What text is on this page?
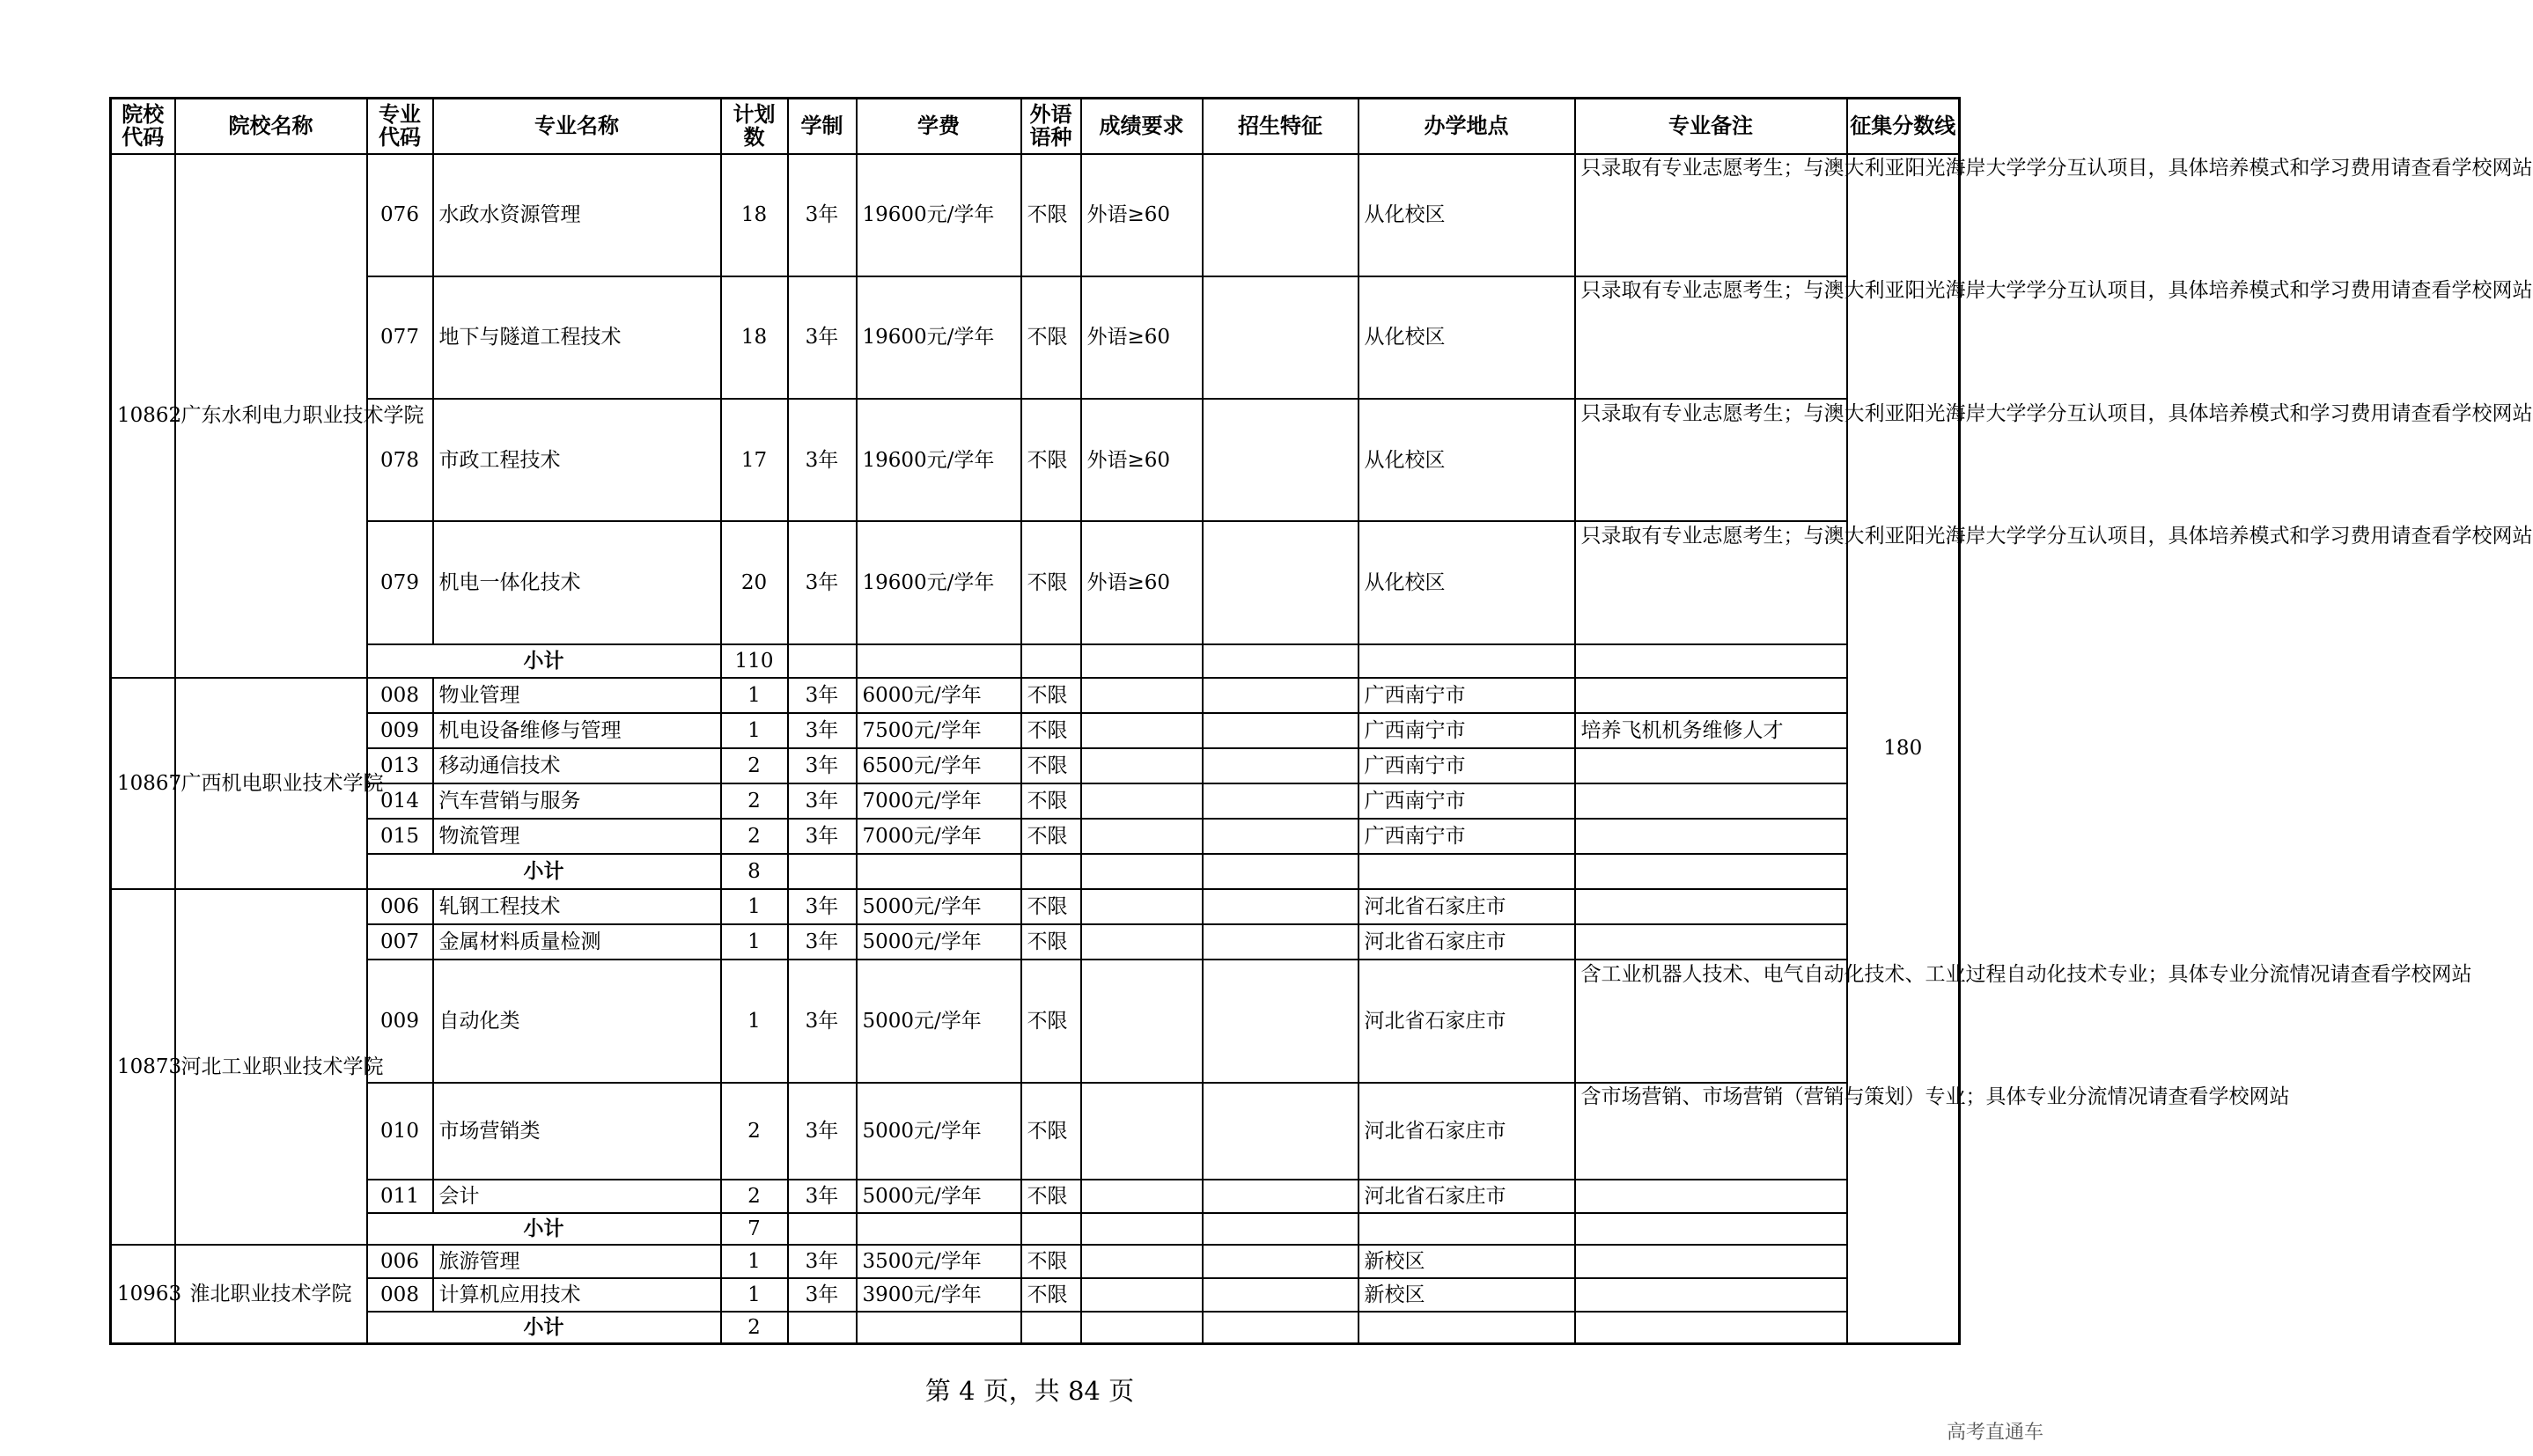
院校代码	院校名称	专业代码	专业名称	计划数	学制	学费	外语语种	成绩要求	招生特征	办学地点	专业备注	征集分数线
10862	广东水利电力职业技术学院	076	水政水资源管理	18	3年	19600元/学年	不限	外语≥60		从化校区	只录取有专业志愿考生；与澳大利亚阳光海岸大学学分互认项目，具体培养模式和学习费用请查看学校网站	180
		077	地下与隧道工程技术	18	3年	19600元/学年	不限	外语≥60		从化校区	只录取有专业志愿考生；与澳大利亚阳光海岸大学学分互认项目，具体培养模式和学习费用请查看学校网站	

		078	市政工程技术	17	3年	19600元/学年	不限	外语≥60		从化校区	只录取有专业志愿考生；与澳大利亚阳光海岸大学学分互认项目，具体培养模式和学习费用请查看学校网站	

		079	机电一体化技术	20	3年	19600元/学年	不限	外语≥60		从化校区	只录取有专业志愿考生；与澳大利亚阳光海岸大学学分互认项目，具体培养模式和学习费用请查看学校网站	

		小计		110								
10867	广西机电职业技术学院	008	物业管理	1	3年	6000元/学年	不限			广西南宁市		
		009	机电设备维修与管理	1	3年	7500元/学年	不限			广西南宁市	培养飞机机务维修人才	
		013	移动通信技术	2	3年	6500元/学年	不限			广西南宁市		
		014	汽车营销与服务	2	3年	7000元/学年	不限			广西南宁市		
		015	物流管理	2	3年	7000元/学年	不限			广西南宁市		
		小计		8								
10873	河北工业职业技术学院	006	轧钢工程技术	1	3年	5000元/学年	不限			河北省石家庄市		
		007	金属材料质量检测	1	3年	5000元/学年	不限			河北省石家庄市		
		009	自动化类	1	3年	5000元/学年	不限			河北省石家庄市	含工业机器人技术、电气自动化技术、工业过程自动化技术专业；具体专业分流情况请查看学校网站	

		010	市场营销类	2	3年	5000元/学年	不限			河北省石家庄市	含市场营销、市场营销（营销与策划）专业；具体专业分流情况请查看学校网站	

		011	会计	2	3年	5000元/学年	不限			河北省石家庄市		
		小计		7								
10963	淮北职业技术学院	006	旅游管理	1	3年	3500元/学年	不限			新校区		
		008	计算机应用技术	1	3年	3900元/学年	不限			新校区		
		小计		2								
第 4 页，共 84 页
高考直通车
